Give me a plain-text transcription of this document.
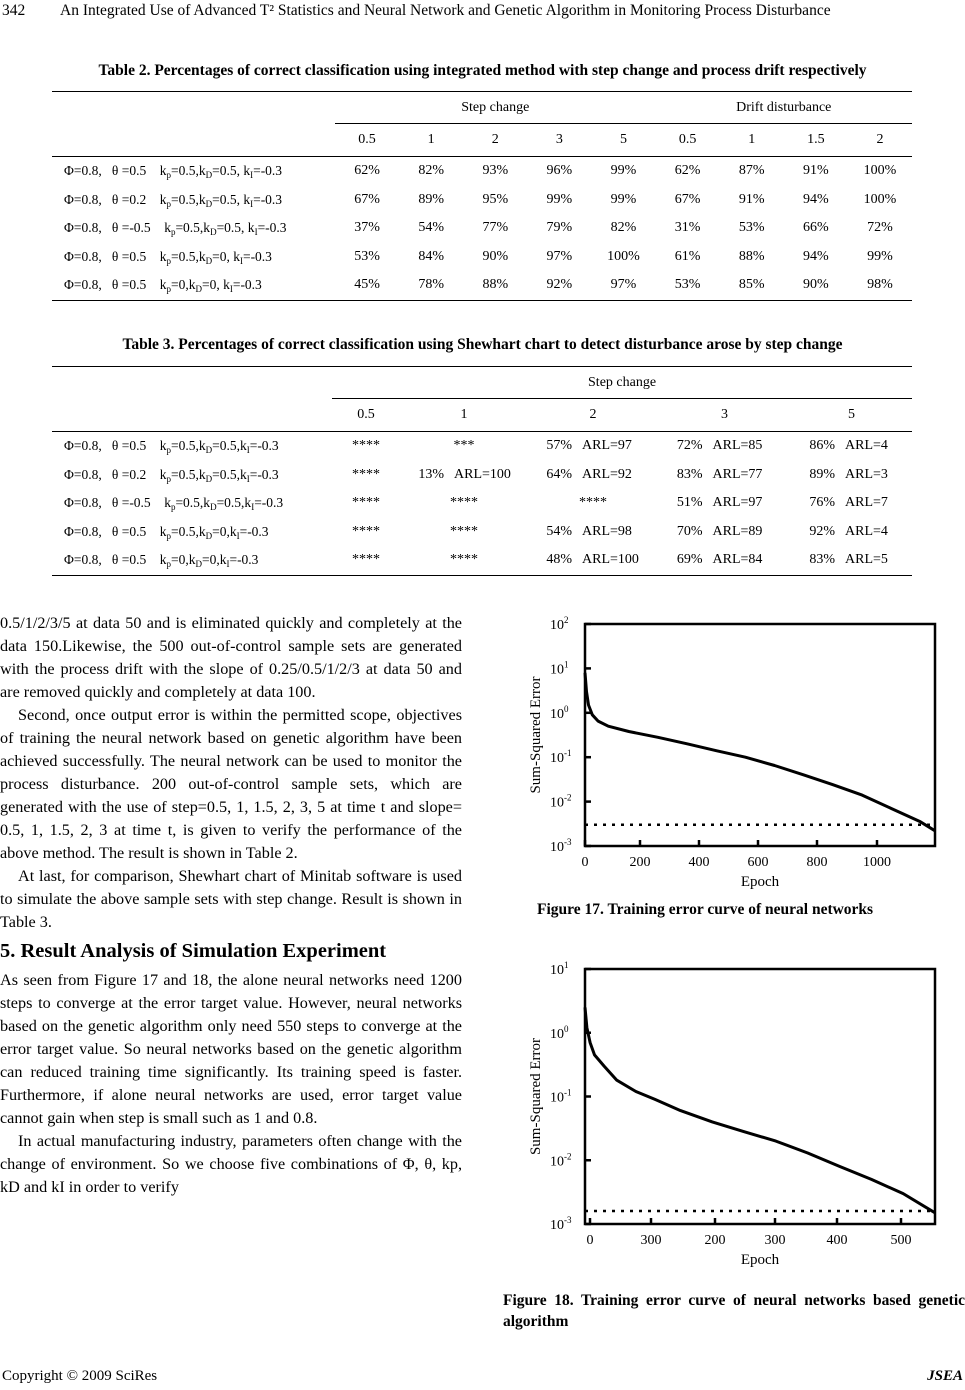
342 An Integrated Use of Advanced T² Statistics and Neural Network and Genetic Algorithm in Monitoring Process Disturbance
Table 2. Percentages of correct classification using integrated method with step change and process drift respectively
	Step change					Drift disturbance			
	0.5	1	2	3	5	0.5	1	1.5	2
Φ=0.8, θ =0.5 $k_p=0.5,k_D=0.5$, $k_I=-0.3$	62%	82%	93%	96%	99%	62%	87%	91%	100%
Φ=0.8, θ =0.2 $k_p=0.5,k_D=0.5$, $k_I=-0.3$	67%	89%	95%	99%	99%	67%	91%	94%	100%
Φ=0.8, θ =-0.5 $k_p=0.5,k_D=0.5$, $k_I=-0.3$	37%	54%	77%	79%	82%	31%	53%	66%	72%
Φ=0.8, θ =0.5 $k_p=0.5,k_D=0$, $k_I=-0.3$	53%	84%	90%	97%	100%	61%	88%	94%	99%
Φ=0.8, θ =0.5 $k_p=0,k_D=0$, $k_I=-0.3$	45%	78%	88%	92%	97%	53%	85%	90%	98%
Table 3. Percentages of correct classification using Shewhart chart to detect disturbance arose by step change
	Step change				
	0.5	1	2	3	5
Φ=0.8, θ =0.5 $k_p=0.5,k_D=0.5,k_I=-0.3$	****	***	57% ARL=97	72% ARL=85	86% ARL=4
Φ=0.8, θ =0.2 $k_p=0.5,k_D=0.5,k_I=-0.3$	****	13% ARL=100	64% ARL=92	83% ARL=77	89% ARL=3
Φ=0.8, θ =-0.5 $k_p=0.5,k_D=0.5,k_I=-0.3$	****	****	****	51% ARL=97	76% ARL=7
Φ=0.8, θ =0.5 $k_p=0.5,k_D=0,k_I=-0.3$	****	****	54% ARL=98	70% ARL=89	92% ARL=4
Φ=0.8, θ =0.5 $k_p=0,k_D=0,k_I=-0.3$	****	****	48% ARL=100	69% ARL=84	83% ARL=5

0.5/1/2/3/5 at data 50 and is eliminated quickly and completely at the data 150.Likewise, the 500 out-of-control sample sets are generated with the process drift with the slope of 0.25/0.5/1/2/3 at data 50 and are removed quickly and completely at data 100.

Second, once output error is within the permitted scope, objectives of training the neural network based on genetic algorithm have been achieved successfully. The neural network can be used to monitor the process disturbance. 200 out-of-control sample sets, which are generated with the use of step=0.5, 1, 1.5, 2, 3, 5 at time t and slope= 0.5, 1, 1.5, 2, 3 at time t, is given to verify the performance of the above method. The result is shown in Table 2.

At last, for comparison, Shewhart chart of Minitab software is used to simulate the above sample sets with step change. Result is shown in Table 3.

5. Result Analysis of Simulation Experiment

As seen from Figure 17 and 18, the alone neural networks need 1200 steps to converge at the error target value. However, neural networks based on the genetic algorithm only need 550 steps to converge at the error target value. So neural networks based on the genetic algorithm can reduced training time significantly. Its training speed is faster. Furthermore, if alone neural networks are used, error target value cannot gain when step is small such as 1 and 0.8.

In actual manufacturing industry, parameters often change with the change of environment. So we choose five combinations of Φ, θ, kp, kD and kI in order to verify

$10^{-3}$
$10^{-2}$
$10^{-1}$
$10^0$
$10^1$
$10^2$
0	200	400	600	800	1000
Epoch
Sum-Squared Error
Figure 17. Training error curve of neural networks
$10^{-3}$
$10^{-2}$
$10^{-1}$
$10^0$
$10^1$
0	300	200	300	400	500
Epoch
Sum-Squared Error
Figure 18. Training error curve of neural networks based genetic algorithm
Copyright © 2009 SciRes	JSEA
